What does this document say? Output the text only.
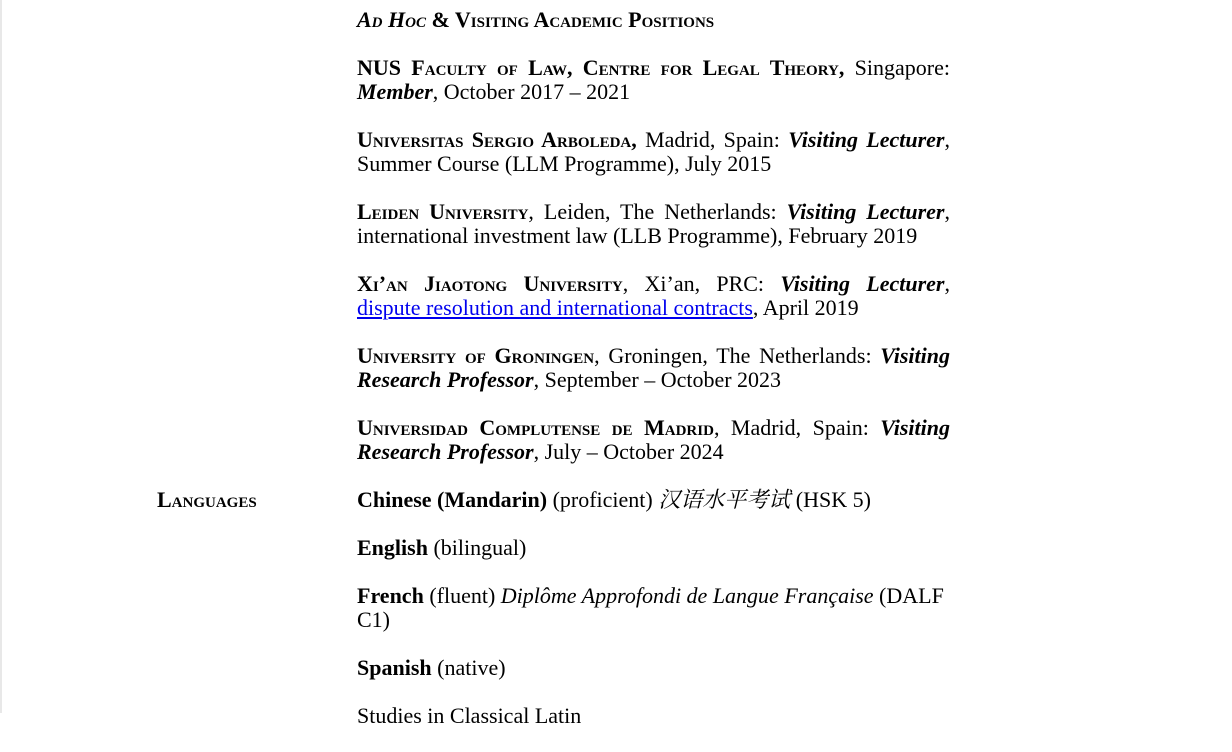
Ad Hoc & Visiting Academic Positions

NUS Faculty of Law, Centre for Legal Theory, Singapore: Member, October 2017 – 2021

Universitas Sergio Arboleda, Madrid, Spain: Visiting Lecturer, Summer Course (LLM Programme), July 2015

Leiden University, Leiden, The Netherlands: Visiting Lecturer, international investment law (LLB Programme), February 2019

Xi’an Jiaotong University, Xi’an, PRC: Visiting Lecturer, dispute resolution and international contracts, April 2019

University of Groningen, Groningen, The Netherlands: Visiting Research Professor, September – October 2023

Universidad Complutense de Madrid, Madrid, Spain: Visiting Research Professor, July – October 2024

Languages	Chinese (Mandarin) (proficient) 汉语水平考试 (HSK 5)

English (bilingual)

French (fluent) Diplôme Approfondi de Langue Française (DALF C1)

Spanish (native)

Studies in Classical Latin
